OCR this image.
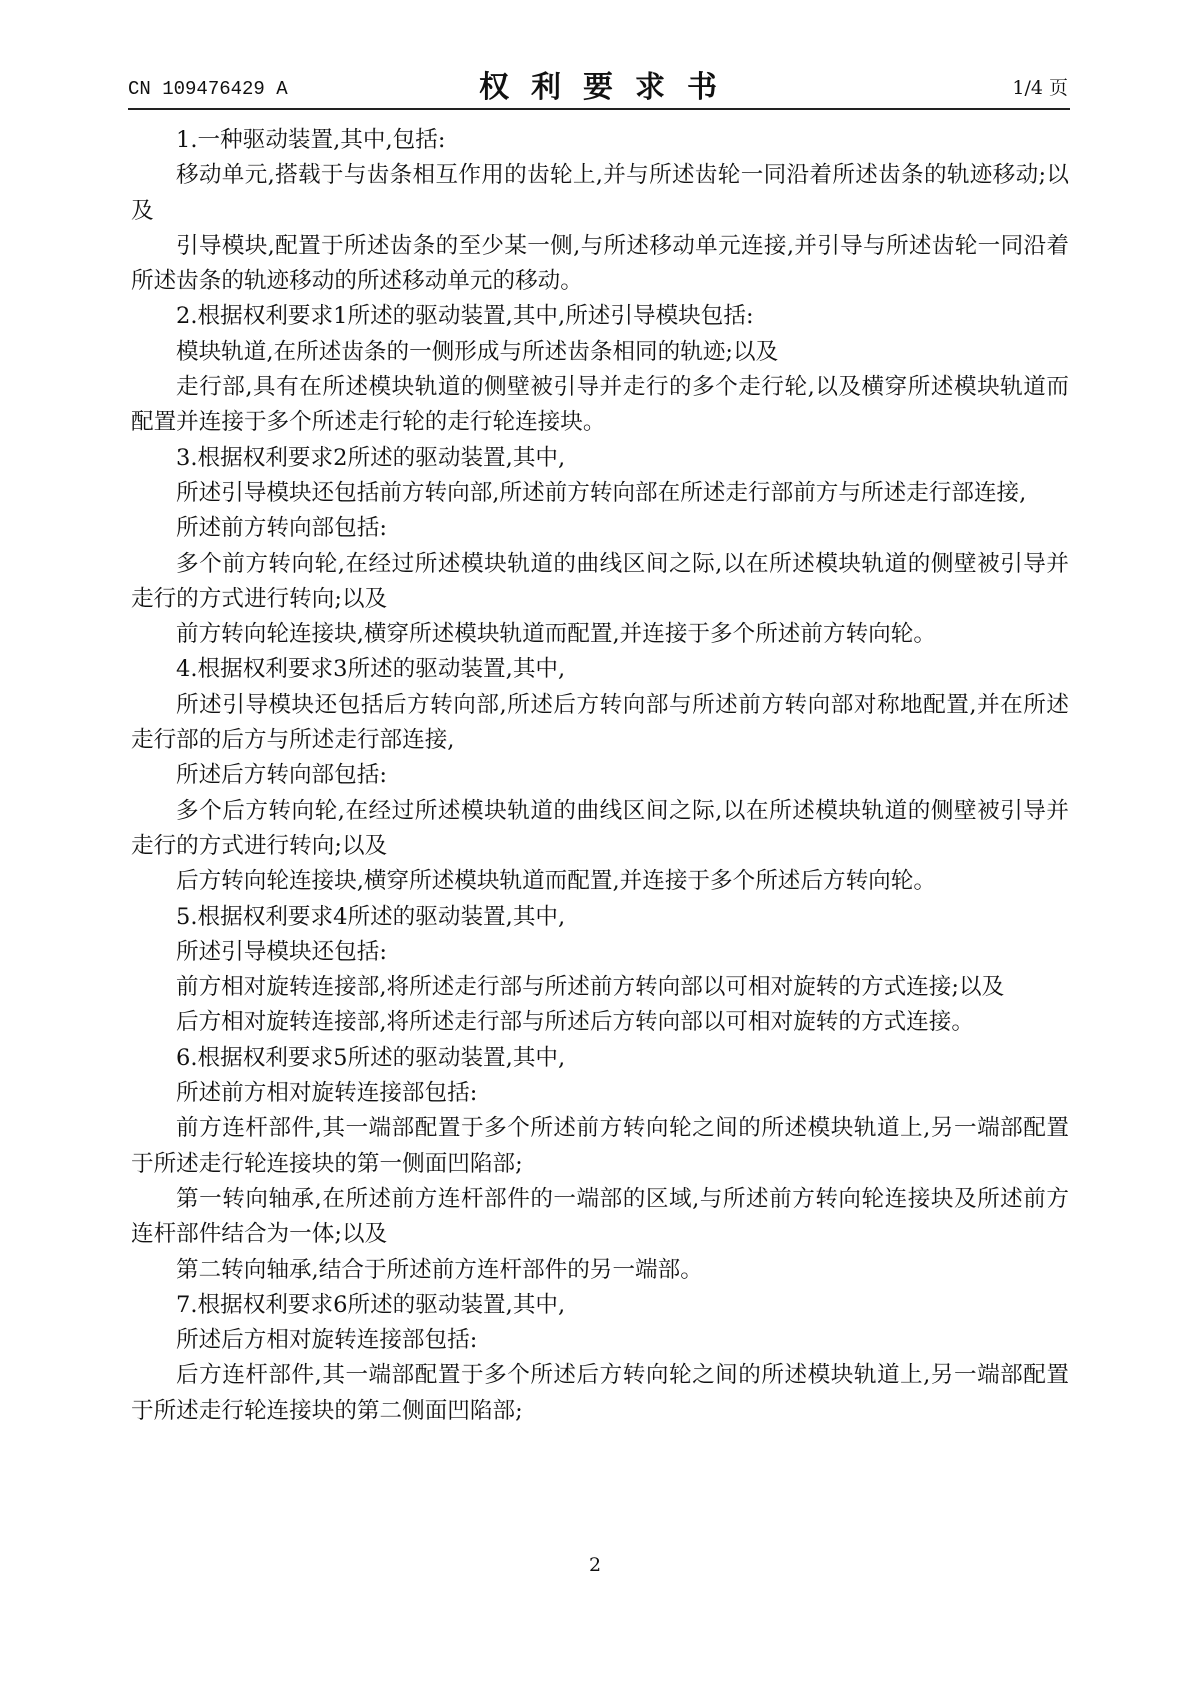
CN 109476429 A	权利要求书	1/4 页

1.一种驱动装置,其中,包括:

移动单元,搭载于与齿条相互作用的齿轮上,并与所述齿轮一同沿着所述齿条的轨迹移动;以及

引导模块,配置于所述齿条的至少某一侧,与所述移动单元连接,并引导与所述齿轮一同沿着所述齿条的轨迹移动的所述移动单元的移动。

2.根据权利要求1所述的驱动装置,其中,所述引导模块包括:

模块轨道,在所述齿条的一侧形成与所述齿条相同的轨迹;以及

走行部,具有在所述模块轨道的侧壁被引导并走行的多个走行轮,以及横穿所述模块轨道而配置并连接于多个所述走行轮的走行轮连接块。

3.根据权利要求2所述的驱动装置,其中,

所述引导模块还包括前方转向部,所述前方转向部在所述走行部前方与所述走行部连接,

所述前方转向部包括:

多个前方转向轮,在经过所述模块轨道的曲线区间之际,以在所述模块轨道的侧壁被引导并走行的方式进行转向;以及

前方转向轮连接块,横穿所述模块轨道而配置,并连接于多个所述前方转向轮。

4.根据权利要求3所述的驱动装置,其中,

所述引导模块还包括后方转向部,所述后方转向部与所述前方转向部对称地配置,并在所述走行部的后方与所述走行部连接,

所述后方转向部包括:

多个后方转向轮,在经过所述模块轨道的曲线区间之际,以在所述模块轨道的侧壁被引导并走行的方式进行转向;以及

后方转向轮连接块,横穿所述模块轨道而配置,并连接于多个所述后方转向轮。

5.根据权利要求4所述的驱动装置,其中,

所述引导模块还包括:

前方相对旋转连接部,将所述走行部与所述前方转向部以可相对旋转的方式连接;以及

后方相对旋转连接部,将所述走行部与所述后方转向部以可相对旋转的方式连接。

6.根据权利要求5所述的驱动装置,其中,

所述前方相对旋转连接部包括:

前方连杆部件,其一端部配置于多个所述前方转向轮之间的所述模块轨道上,另一端部配置于所述走行轮连接块的第一侧面凹陷部;

第一转向轴承,在所述前方连杆部件的一端部的区域,与所述前方转向轮连接块及所述前方连杆部件结合为一体;以及

第二转向轴承,结合于所述前方连杆部件的另一端部。

7.根据权利要求6所述的驱动装置,其中,

所述后方相对旋转连接部包括:

后方连杆部件,其一端部配置于多个所述后方转向轮之间的所述模块轨道上,另一端部配置于所述走行轮连接块的第二侧面凹陷部;

2
